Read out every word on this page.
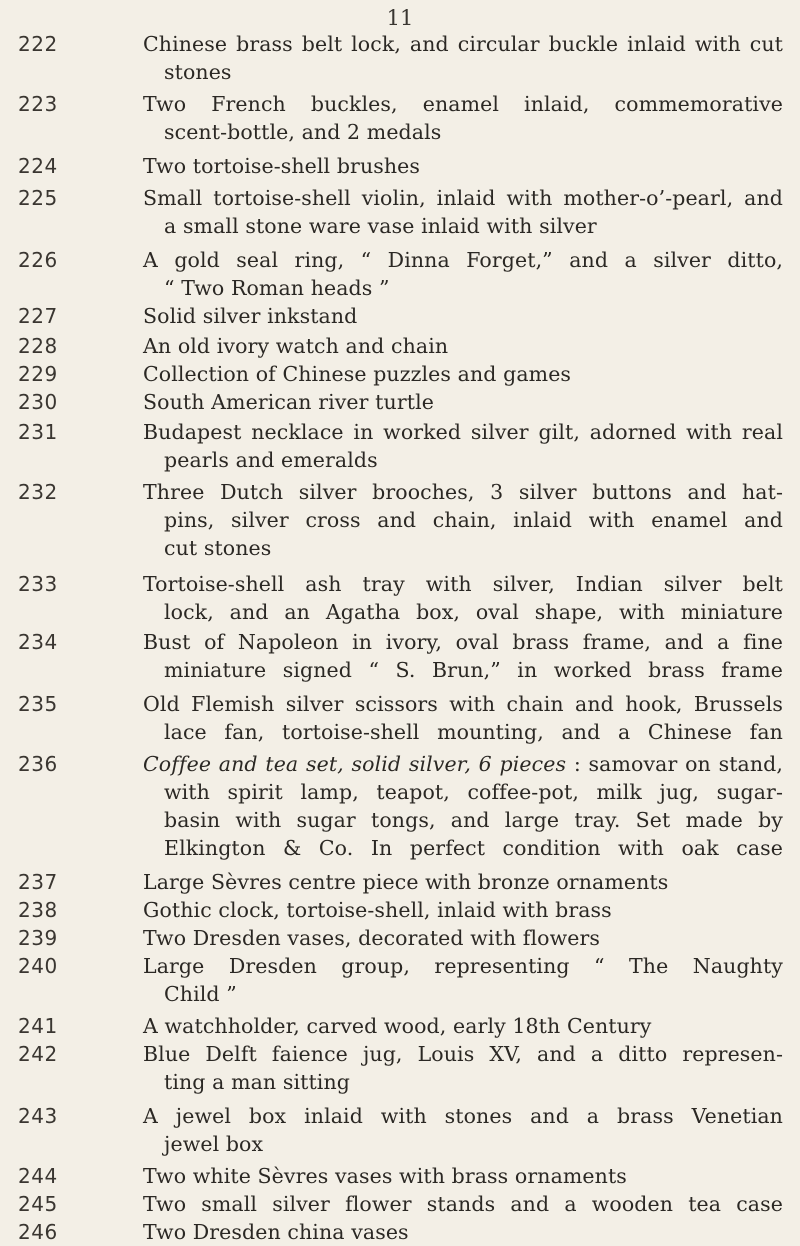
11
222	Chinese brass belt lock, and circular buckle inlaid with cut
stones
223	Two French buckles, enamel inlaid, commemorative
scent-bottle, and 2 medals
224	Two tortoise-shell brushes
225	Small tortoise-shell violin, inlaid with mother-o’-pearl, and
a small stone ware vase inlaid with silver
226	A gold seal ring, “ Dinna Forget,” and a silver ditto,
“ Two Roman heads ”
227	Solid silver inkstand
228	An old ivory watch and chain
229	Collection of Chinese puzzles and games
230	South American river turtle
231	Budapest necklace in worked silver gilt, adorned with real
pearls and emeralds
232	Three Dutch silver brooches, 3 silver buttons and hat-
pins, silver cross and chain, inlaid with enamel and
cut stones
233	Tortoise-shell ash tray with silver, Indian silver belt
lock, and an Agatha box, oval shape, with miniature
234	Bust of Napoleon in ivory, oval brass frame, and a fine
miniature signed “ S. Brun,” in worked brass frame
235	Old Flemish silver scissors with chain and hook, Brussels
lace fan, tortoise-shell mounting, and a Chinese fan
236	Coffee and tea set, solid silver, 6 pieces : samovar on stand,
with spirit lamp, teapot, coffee-pot, milk jug, sugar-
basin with sugar tongs, and large tray. Set made by
Elkington & Co. In perfect condition with oak case
237	Large Sèvres centre piece with bronze ornaments
238	Gothic clock, tortoise-shell, inlaid with brass
239	Two Dresden vases, decorated with flowers
240	Large Dresden group, representing “ The Naughty
Child ”
241	A watchholder, carved wood, early 18th Century
242	Blue Delft faience jug, Louis XV, and a ditto represen-
ting a man sitting
243	A jewel box inlaid with stones and a brass Venetian
jewel box
244	Two white Sèvres vases with brass ornaments
245	Two small silver flower stands and a wooden tea case
246	Two Dresden china vases
